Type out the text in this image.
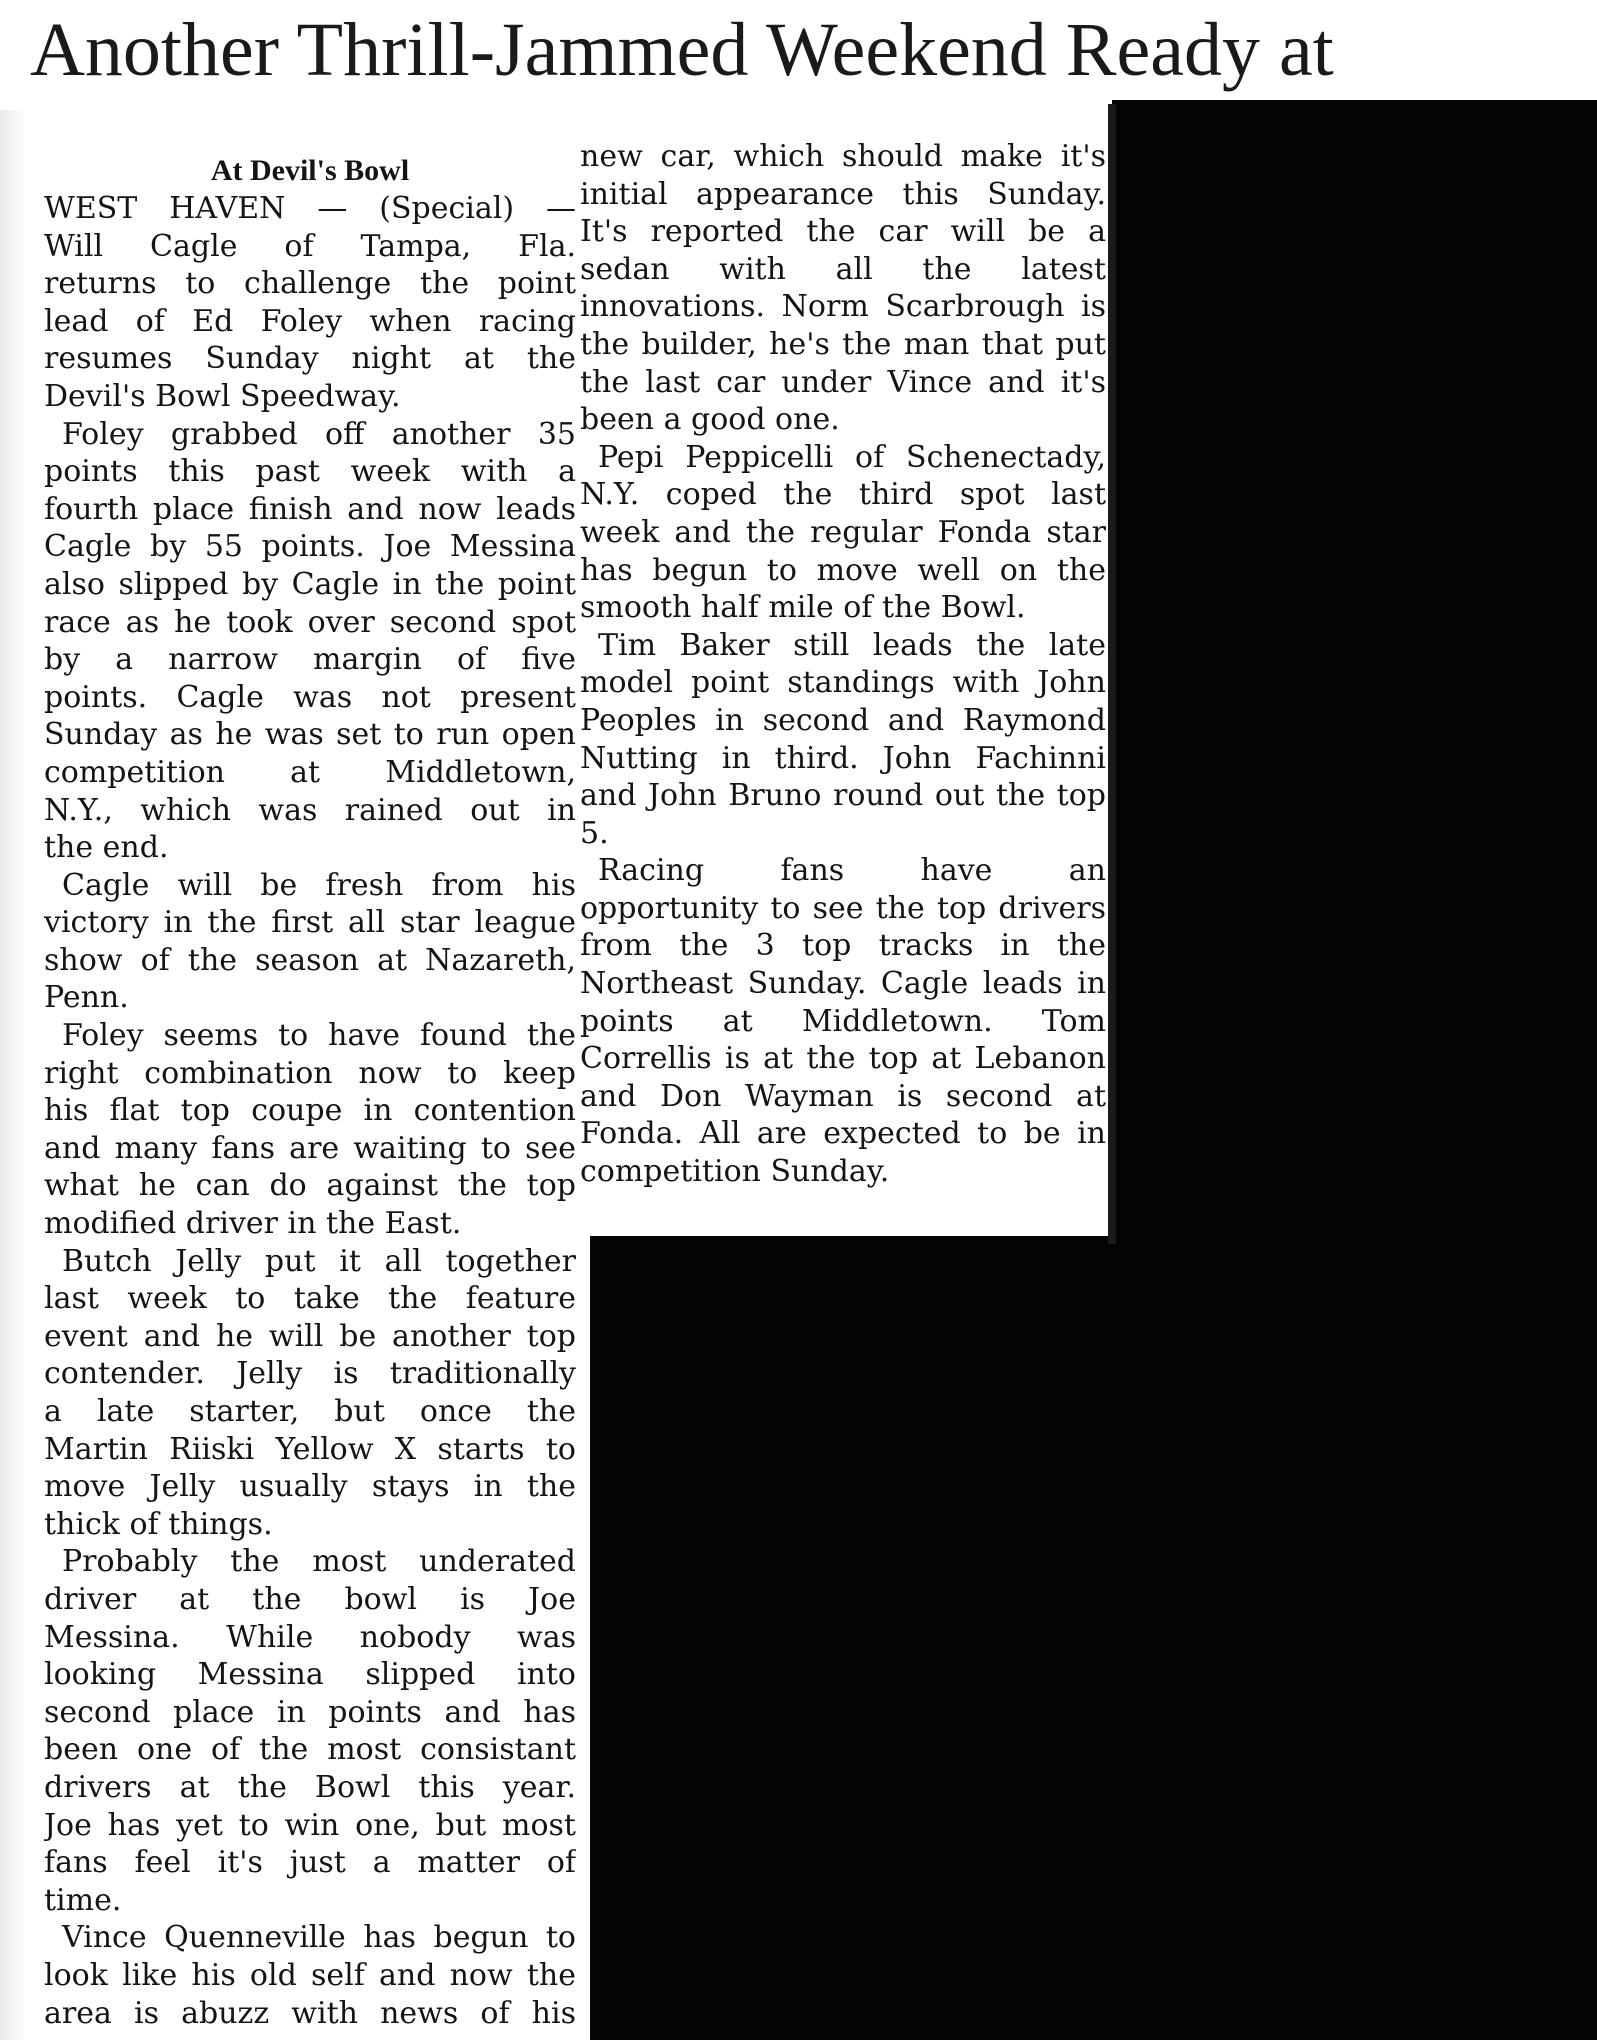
Another Thrill-Jammed Weekend Ready at
At Devil's Bowl
WEST HAVEN — (Special) —
Will Cagle of Tampa, Fla.
returns to challenge the point
lead of Ed Foley when racing
resumes Sunday night at the
Devil's Bowl Speedway.
Foley grabbed off another 35
points this past week with a
fourth place finish and now leads
Cagle by 55 points. Joe Messina
also slipped by Cagle in the point
race as he took over second spot
by a narrow margin of five
points. Cagle was not present
Sunday as he was set to run open
competition at Middletown,
N.Y., which was rained out in
the end.
Cagle will be fresh from his
victory in the first all star league
show of the season at Nazareth,
Penn.
Foley seems to have found the
right combination now to keep
his flat top coupe in contention
and many fans are waiting to see
what he can do against the top
modified driver in the East.
Butch Jelly put it all together
last week to take the feature
event and he will be another top
contender. Jelly is traditionally
a late starter, but once the
Martin Riiski Yellow X starts to
move Jelly usually stays in the
thick of things.
Probably the most underated
driver at the bowl is Joe
Messina. While nobody was
looking Messina slipped into
second place in points and has
been one of the most consistant
drivers at the Bowl this year.
Joe has yet to win one, but most
fans feel it's just a matter of
time.
Vince Quenneville has begun to
look like his old self and now the
area is abuzz with news of his
new car, which should make it's
initial appearance this Sunday.
It's reported the car will be a
sedan with all the latest
innovations. Norm Scarbrough is
the builder, he's the man that put
the last car under Vince and it's
been a good one.
Pepi Peppicelli of Schenectady,
N.Y. coped the third spot last
week and the regular Fonda star
has begun to move well on the
smooth half mile of the Bowl.
Tim Baker still leads the late
model point standings with John
Peoples in second and Raymond
Nutting in third. John Fachinni
and John Bruno round out the top
5.
Racing fans have an
opportunity to see the top drivers
from the 3 top tracks in the
Northeast Sunday. Cagle leads in
points at Middletown. Tom
Correllis is at the top at Lebanon
and Don Wayman is second at
Fonda. All are expected to be in
competition Sunday.
